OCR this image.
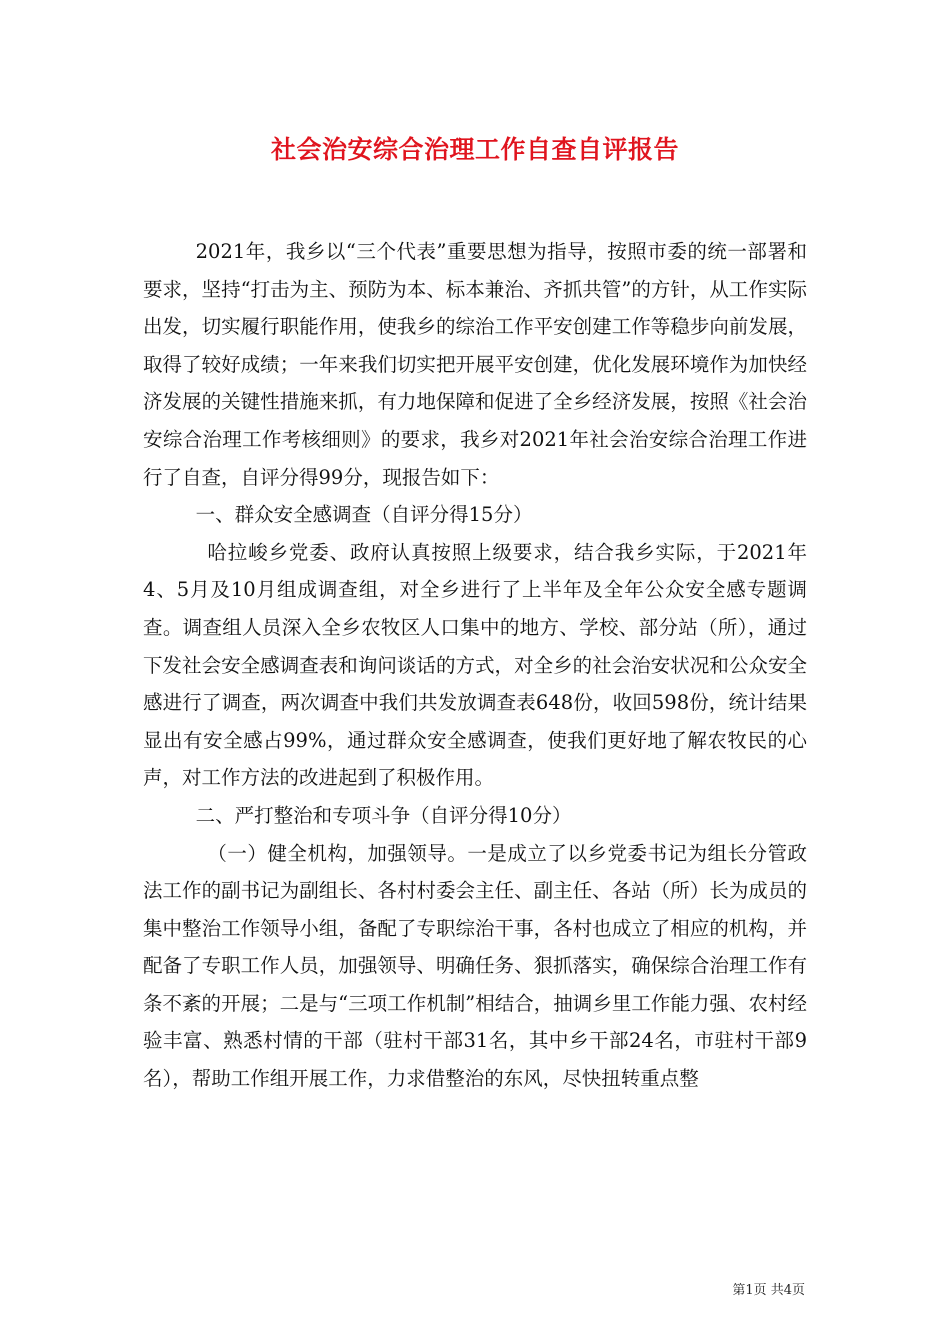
社会治安综合治理工作自查自评报告

2021年，我乡以“三个代表”重要思想为指导，按照市委的统一部署和要求，坚持“打击为主、预防为本、标本兼治、齐抓共管”的方针，从工作实际出发，切实履行职能作用，使我乡的综治工作平安创建工作等稳步向前发展，取得了较好成绩；一年来我们切实把开展平安创建，优化发展环境作为加快经济发展的关键性措施来抓，有力地保障和促进了全乡经济发展，按照《社会治安综合治理工作考核细则》的要求，我乡对2021年社会治安综合治理工作进行了自查，自评分得99分，现报告如下：

一、群众安全感调查（自评分得15分）

哈拉峻乡党委、政府认真按照上级要求，结合我乡实际，于2021年4、5月及10月组成调查组，对全乡进行了上半年及全年公众安全感专题调查。调查组人员深入全乡农牧区人口集中的地方、学校、部分站（所），通过下发社会安全感调查表和询问谈话的方式，对全乡的社会治安状况和公众安全感进行了调查，两次调查中我们共发放调查表648份，收回598份，统计结果显出有安全感占99%，通过群众安全感调查，使我们更好地了解农牧民的心声，对工作方法的改进起到了积极作用。

二、严打整治和专项斗争（自评分得10分）

（一）健全机构，加强领导。一是成立了以乡党委书记为组长分管政法工作的副书记为副组长、各村村委会主任、副主任、各站（所）长为成员的集中整治工作领导小组，备配了专职综治干事，各村也成立了相应的机构，并配备了专职工作人员，加强领导、明确任务、狠抓落实，确保综合治理工作有条不紊的开展；二是与“三项工作机制”相结合，抽调乡里工作能力强、农村经验丰富、熟悉村情的干部（驻村干部31名，其中乡干部24名，市驻村干部9名），帮助工作组开展工作，力求借整治的东风，尽快扭转重点整

第1页 共4页
